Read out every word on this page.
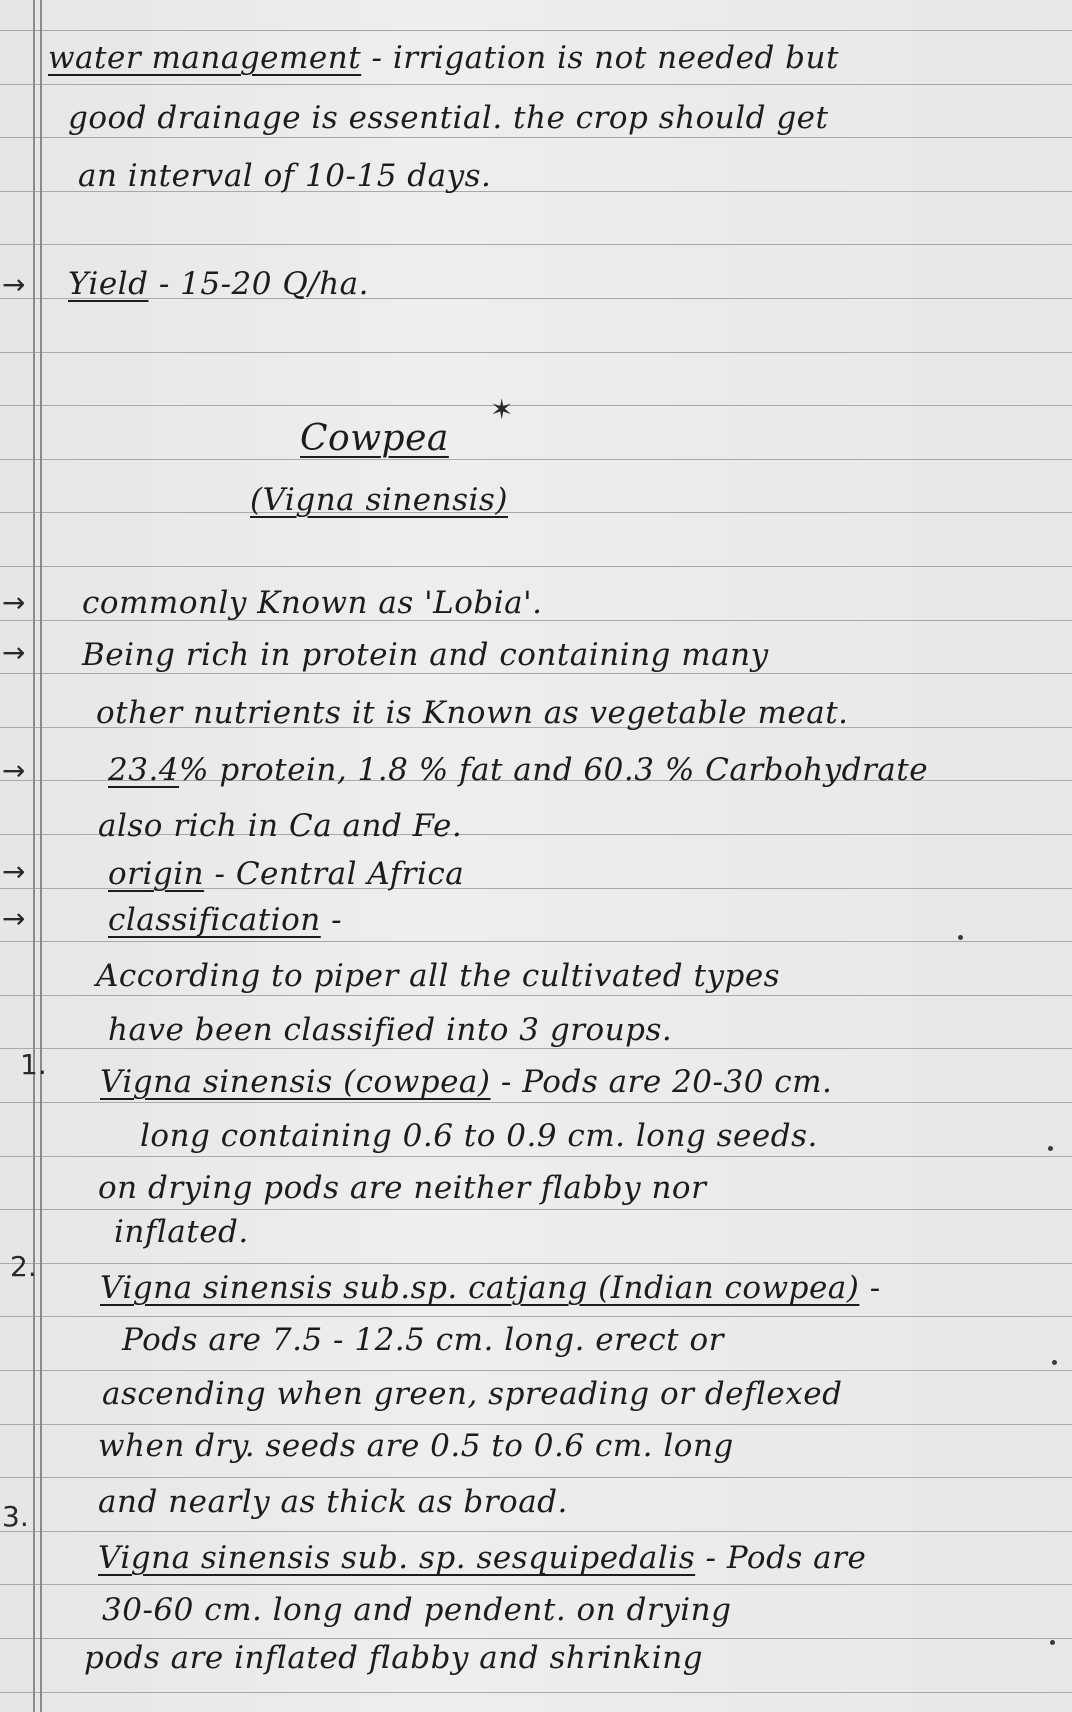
water management - irrigation is not needed but
good drainage is essential. the crop should get
an interval of 10-15 days.
→ Yield - 15-20 Q/ha.
✶
Cowpea
(Vigna sinensis)
→ commonly Known as 'Lobia'.
→ Being rich in protein and containing many
other nutrients it is Known as vegetable meat.
→	23.4% protein, 1.8 % fat and 60.3 % Carbohydrate
also rich in Ca and Fe.
→	origin - Central Africa
→	classification -
According to piper all the cultivated types
have been classified into 3 groups.
1. Vigna sinensis (cowpea) - Pods are 20-30 cm.
long containing 0.6 to 0.9 cm. long seeds.
on drying pods are neither flabby nor
inflated.
2.
Vigna sinensis sub.sp. catjang (Indian cowpea) -
Pods are 7.5 - 12.5 cm. long. erect or
ascending when green, spreading or deflexed
when dry. seeds are 0.5 to 0.6 cm. long
and nearly as thick as broad.
3.
Vigna sinensis sub. sp. sesquipedalis - Pods are
30-60 cm. long and pendent. on drying
pods are inflated flabby and shrinking
